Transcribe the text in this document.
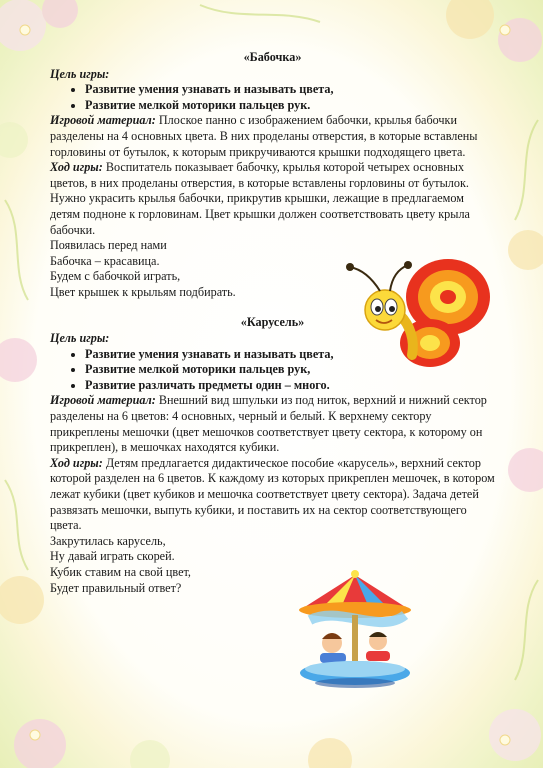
«Бабочка»

Цель игры:

• Развитие умения узнавать и называть цвета,
• Развитие мелкой моторики пальцев рук.

Игровой материал: Плоское панно с изображением бабочки, крылья бабочки разделены на 4 основных цвета. В них проделаны отверстия, в которые вставлены горловины от бутылок, к которым прикручиваются крышки подходящего цвета.

Ход игры: Воспитатель показывает бабочку, крылья которой четырех основных цветов, в них проделаны отверстия, в которые вставлены горловины от бутылок. Нужно украсить крылья бабочки, прикрутив крышки, лежащие в предлагаемом детям подноне к горловинам. Цвет крышки должен соответствовать цвету крыла бабочки.

Появилась перед нами

Бабочка – красавица.

Будем с бабочкой играть,

Цвет крышек к крыльям подбирать.

«Карусель»

Цель игры:

• Развитие умения узнавать и называть цвета,
• Развитие мелкой моторики пальцев рук,
• Развитие различать предметы один – много.

Игровой материал: Внешний вид шпульки из под ниток, верхний и нижний сектор разделены на 6 цветов: 4 основных, черный и белый. К верхнему сектору прикреплены мешочки (цвет мешочков соответствует цвету сектора, к которому он прикреплен), в мешочках находятся кубики.

Ход игры: Детям предлагается дидактическое пособие «карусель», верхний сектор которой разделен на 6 цветов. К каждому из которых прикреплен мешочек, в котором лежат кубики (цвет кубиков и мешочка соответствует цвету сектора). Задача детей развязать мешочки, выпуть кубики, и поставить их на сектор соответствующего цвета.

Закрутилась карусель,

Ну давай играть скорей.

Кубик ставим на свой цвет,

Будет правильный ответ?
